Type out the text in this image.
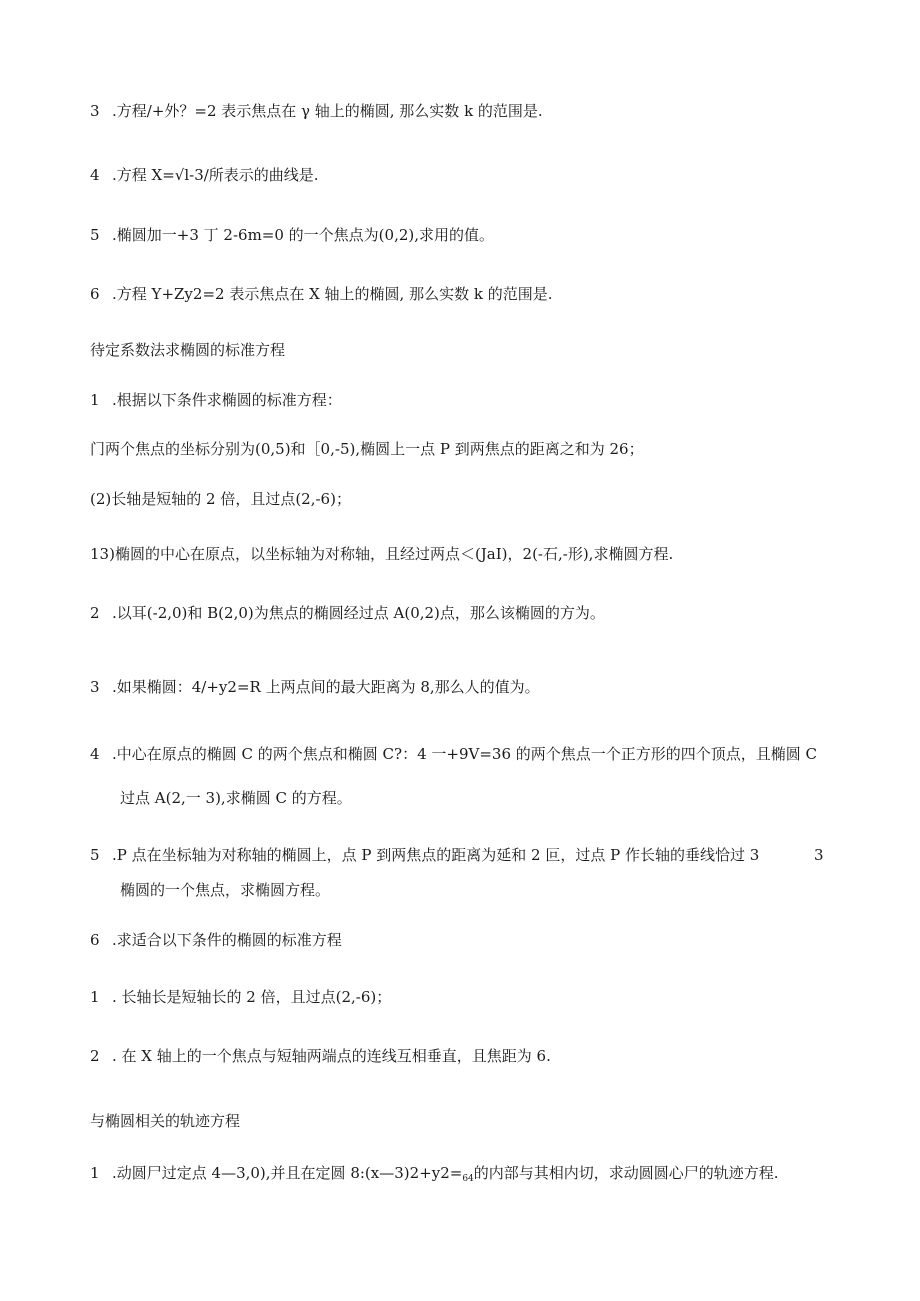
3 .方程/+外？=2 表示焦点在 γ 轴上的椭圆, 那么实数 k 的范围是.
4 .方程 X=√l-3∕所表示的曲线是.
5 .椭圆加一+3 丁 2-6m=0 的一个焦点为(0,2),求用的值。
6 .方程 Y+Zy2=2 表示焦点在 X 轴上的椭圆, 那么实数 k 的范围是.
待定系数法求椭圆的标准方程
1 .根据以下条件求椭圆的标准方程：
门两个焦点的坐标分别为(0,5)和［0,-5),椭圆上一点 P 到两焦点的距离之和为 26；
(2)长轴是短轴的 2 倍，且过点(2,-6)；
13)椭圆的中心在原点，以坐标轴为对称轴，且经过两点＜(JaI)，2(-石,-形),求椭圆方程.
2 .以耳(-2,0)和 B(2,0)为焦点的椭圆经过点 A(0,2)点，那么该椭圆的方为。
3 .如果椭圆：4/+y2=R 上两点间的最大距离为 8,那么人的值为。
4 .中心在原点的椭圆 C 的两个焦点和椭圆 C?：4 一+9V=36 的两个焦点一个正方形的四个顶点，且椭圆 C
过点 A(2,一 3),求椭圆 C 的方程。
5 .P 点在坐标轴为对称轴的椭圆上，点 P 到两焦点的距离为延和 2 叵，过点 P 作长轴的垂线恰过 3	3
椭圆的一个焦点，求椭圆方程。
6 .求适合以下条件的椭圆的标准方程
1 . 长轴长是短轴长的 2 倍，且过点(2,-6)；
2 . 在 X 轴上的一个焦点与短轴两端点的连线互相垂直，且焦距为 6.
与椭圆相关的轨迹方程
1 .动圆尸过定点 4—3,0),并且在定圆 $8:(x—3)2+y2=_{64}$的内部与其相内切，求动圆圆心尸的轨迹方程.
